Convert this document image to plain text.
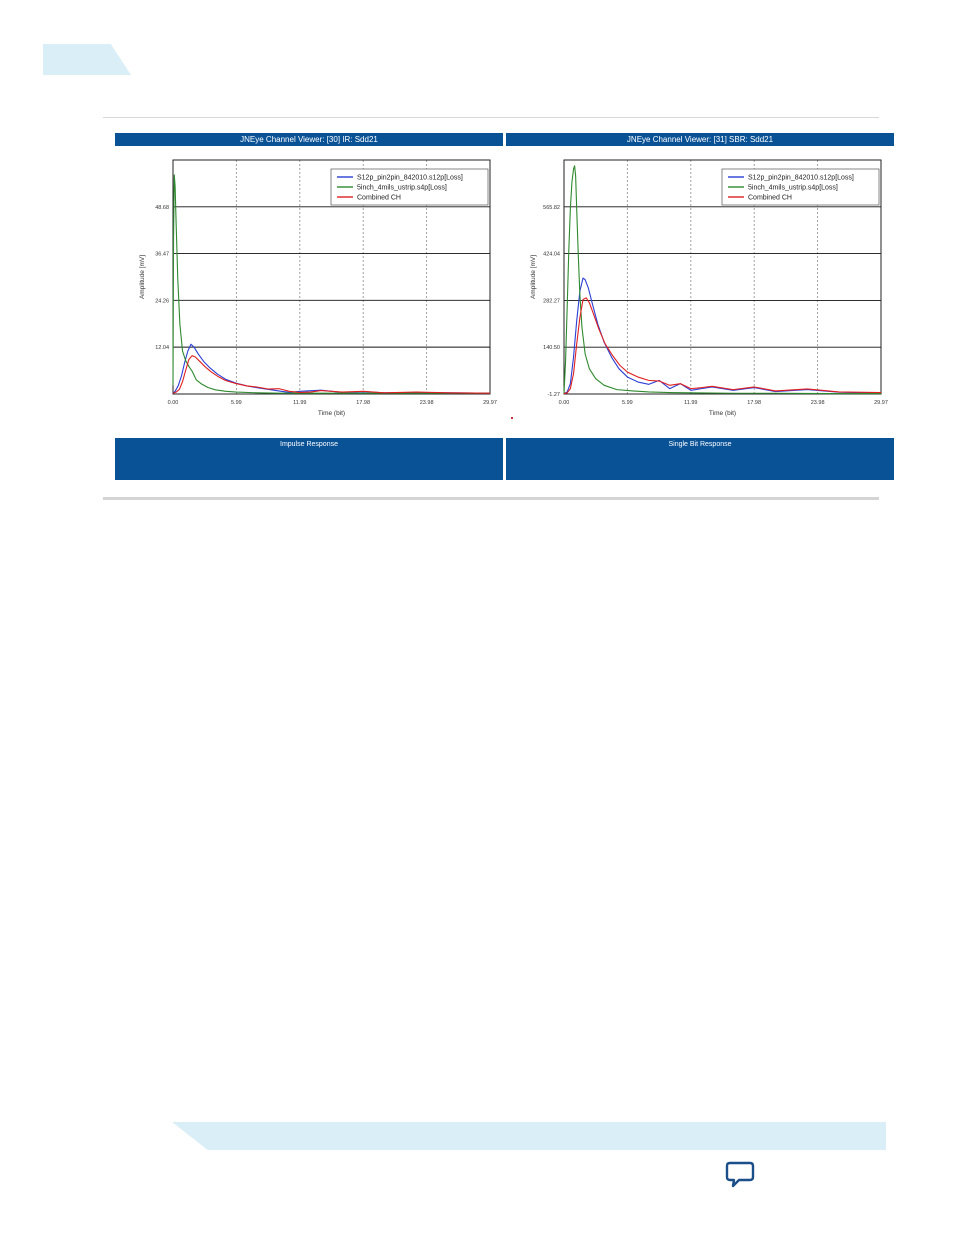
JNEye Channel Viewer: [30] IR: Sdd21
0.00	5.99	11.99	17.98	23.98	29.97
12.04
24.26
36.47
48.68
Time (bit)
Amplitude [mV]
S12p_pin2pin_842010.s12p[Loss]
5inch_4mils_ustrip.s4p[Loss]
Combined CH
Impulse Response
JNEye Channel Viewer: [31] SBR: Sdd21
0.00	5.99	11.99	17.98	23.98	29.97
-1.27
140.50
282.27
424.04
565.82
Time (bit)
Amplitude [mV]
S12p_pin2pin_842010.s12p[Loss]
5inch_4mils_ustrip.s4p[Loss]
Combined CH
Single Bit Response
